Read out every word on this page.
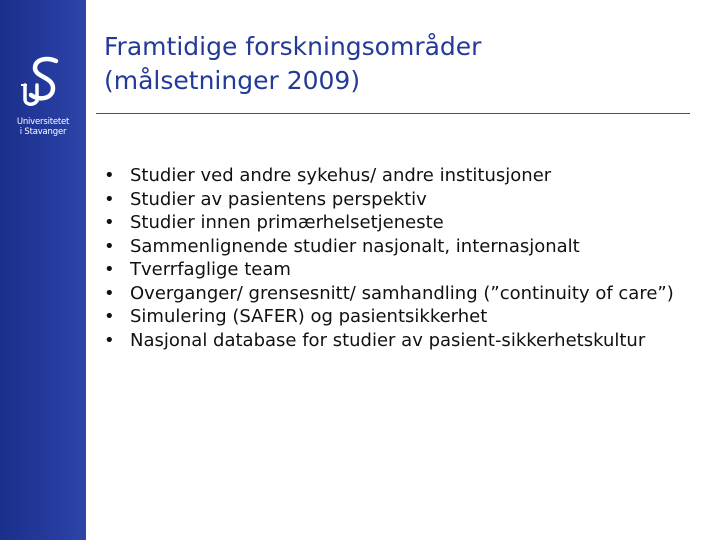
Universitetet
i Stavanger
Framtidige forskningsområder
(målsetninger 2009)
• Studier ved andre sykehus/ andre institusjoner
• Studier av pasientens perspektiv
• Studier innen primærhelsetjeneste
• Sammenlignende studier nasjonalt, internasjonalt
• Tverrfaglige team
• Overganger/ grensesnitt/ samhandling (”continuity of care”)
• Simulering (SAFER) og pasientsikkerhet
• Nasjonal database for studier av pasient-sikkerhetskultur
